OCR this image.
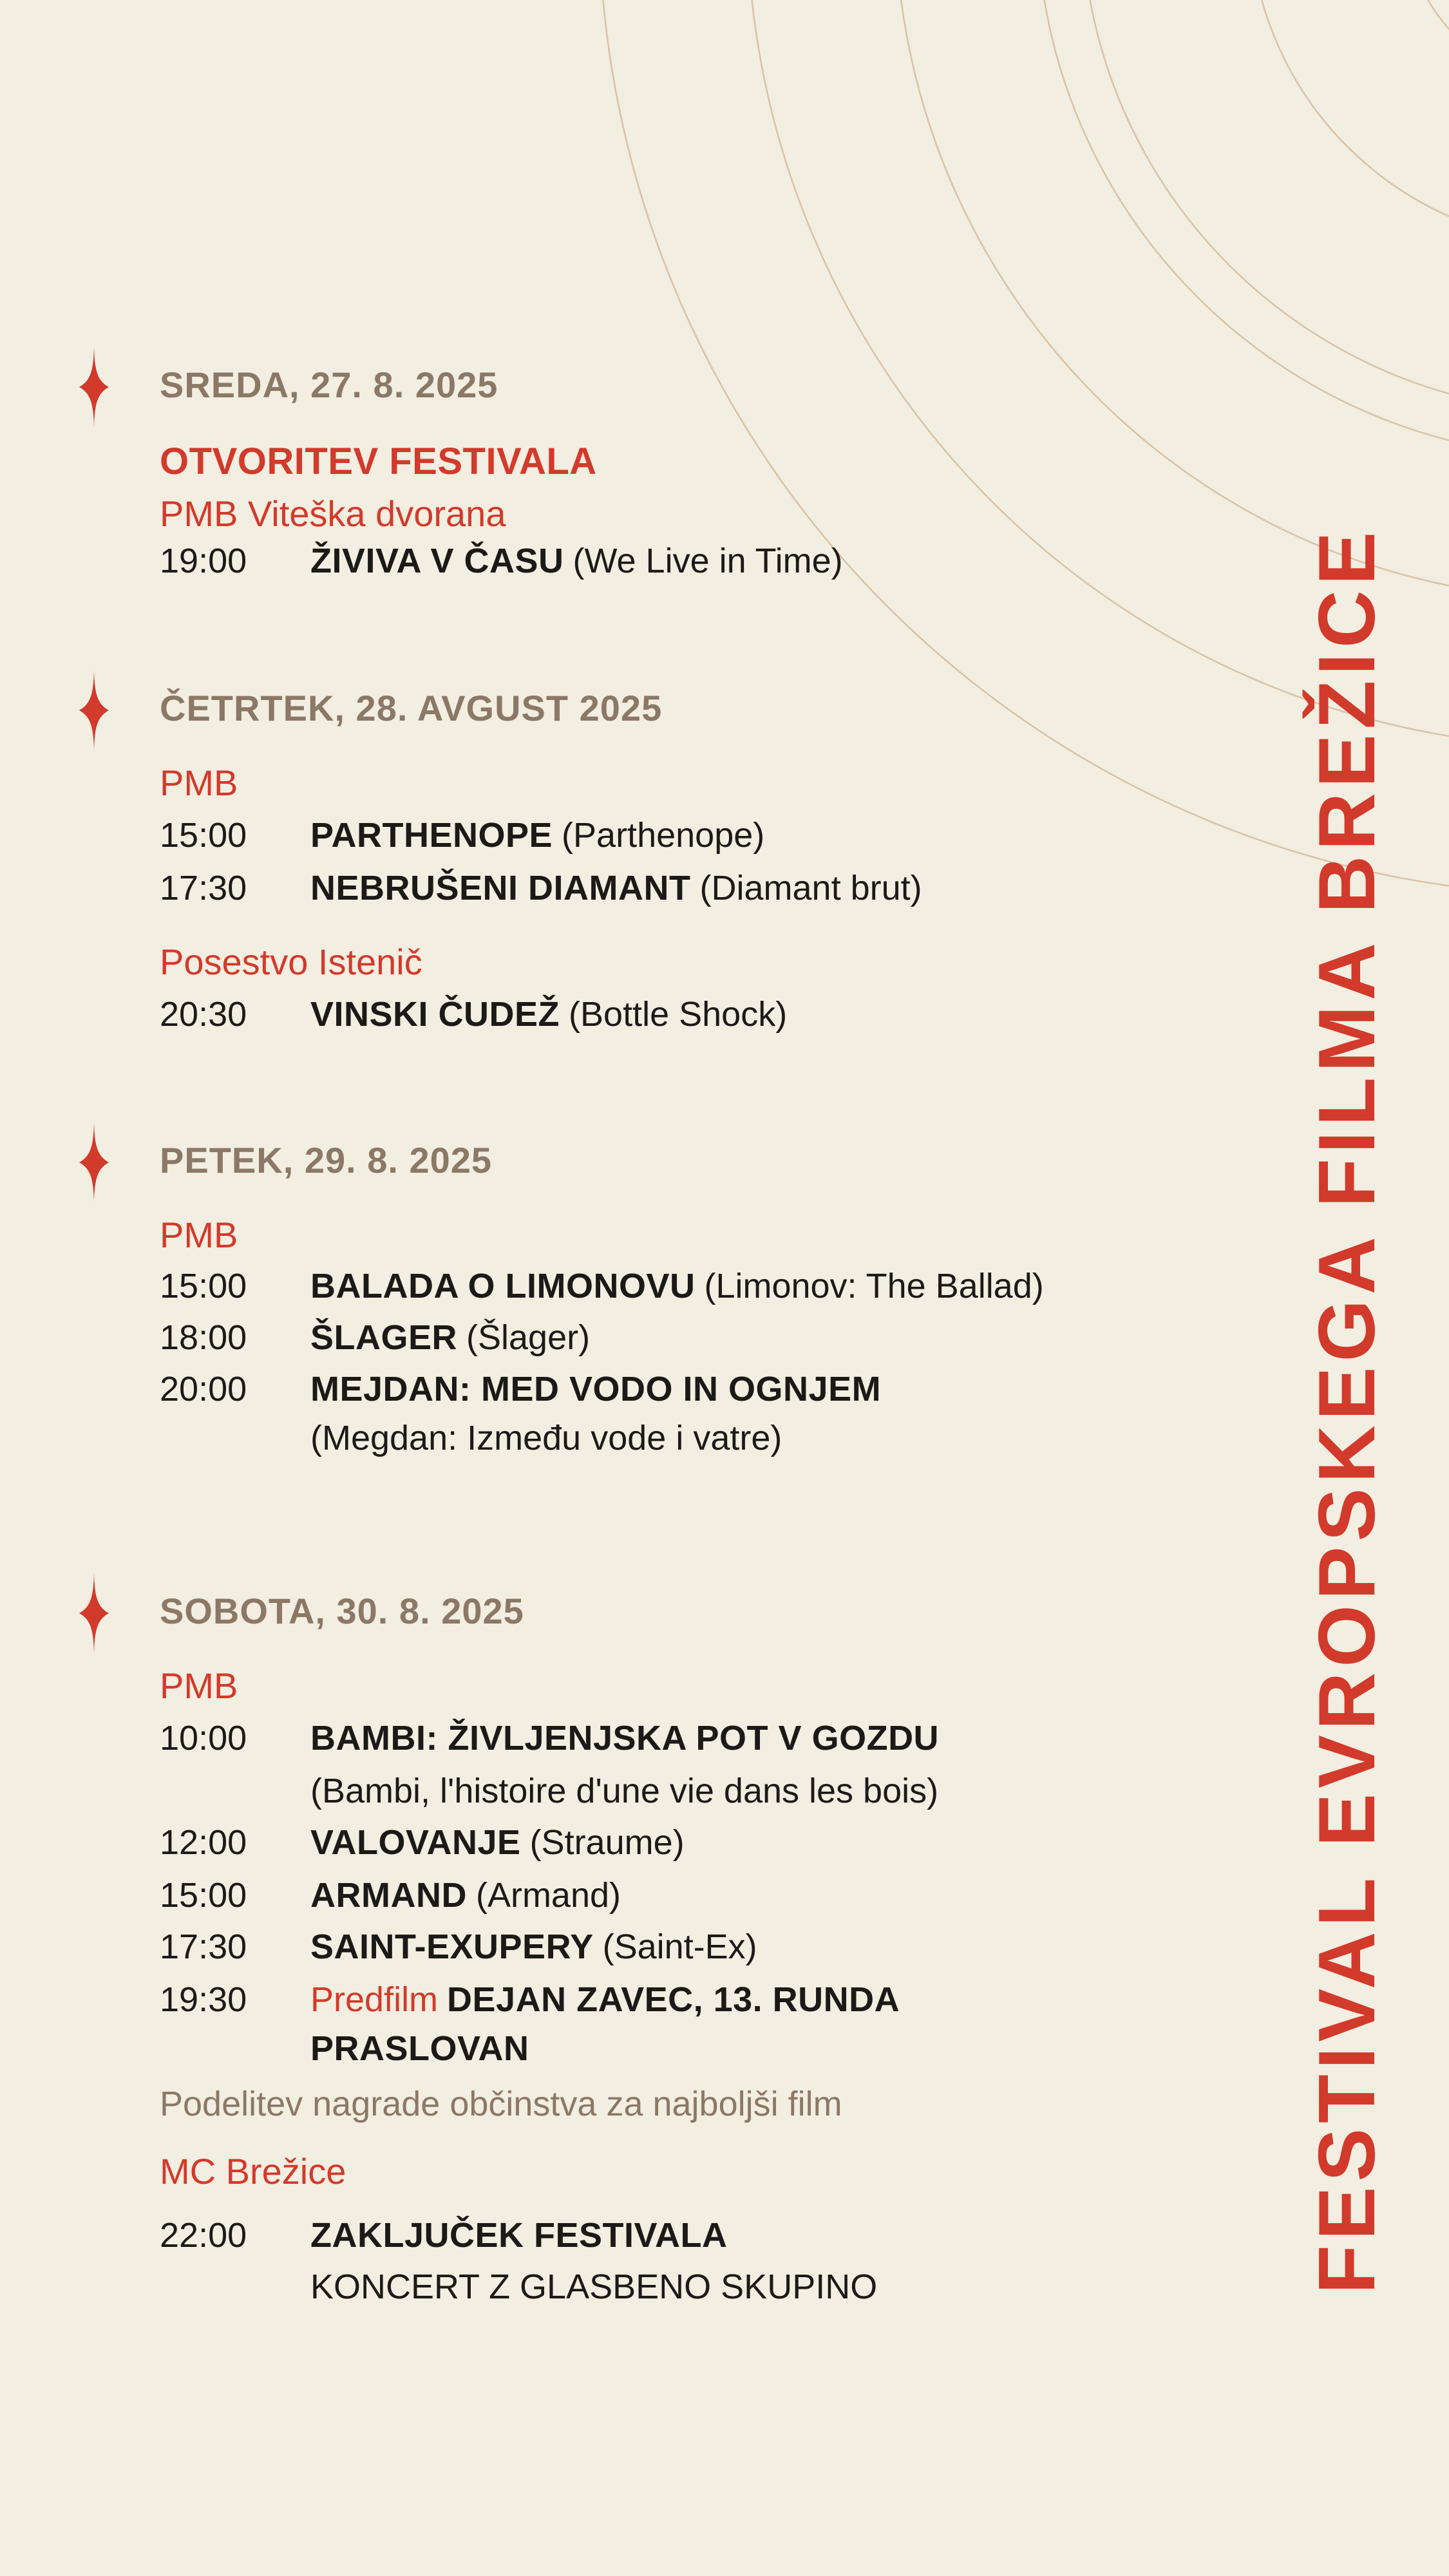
FESTIVAL EVROPSKEGA FILMA BREŽICE
SREDA, 27. 8. 2025
OTVORITEV FESTIVALA
PMB Viteška dvorana
19:00 ŽIVIVA V ČASU (We Live in Time)
ČETRTEK, 28. AVGUST 2025
PMB
15:00 PARTHENOPE (Parthenope)
17:30 NEBRUŠENI DIAMANT (Diamant brut)
Posestvo Istenič
20:30 VINSKI ČUDEŽ (Bottle Shock)
PETEK, 29. 8. 2025
PMB
15:00 BALADA O LIMONOVU (Limonov: The Ballad)
18:00 ŠLAGER (Šlager)
20:00 MEJDAN: MED VODO IN OGNJEM
(Megdan: Između vode i vatre)
SOBOTA, 30. 8. 2025
PMB
10:00 BAMBI: ŽIVLJENJSKA POT V GOZDU
(Bambi, l'histoire d'une vie dans les bois)
12:00 VALOVANJE (Straume)
15:00 ARMAND (Armand)
17:30 SAINT-EXUPERY (Saint-Ex)
19:30 Predfilm DEJAN ZAVEC, 13. RUNDA
PRASLOVAN
Podelitev nagrade občinstva za najboljši film
MC Brežice
22:00 ZAKLJUČEK FESTIVALA
KONCERT Z GLASBENO SKUPINO
